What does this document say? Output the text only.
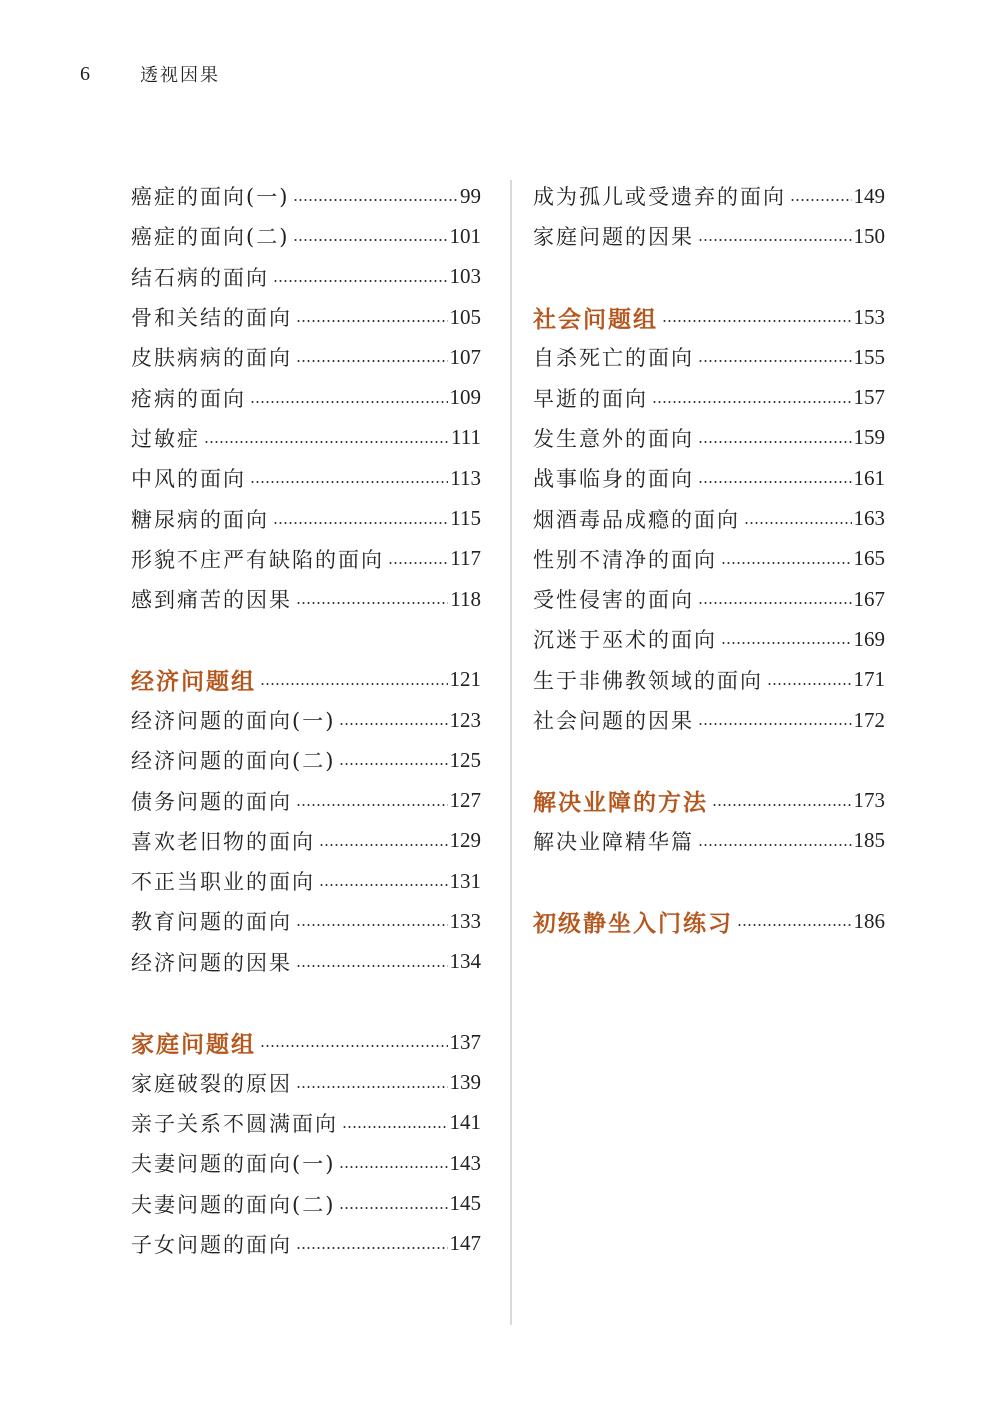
6	透视因果
癌症的面向(一)	99
癌症的面向(二)	101
结石病的面向	103
骨和关结的面向	105
皮肤病病的面向	107
疮病的面向	109
过敏症	111
中风的面向	113
糖尿病的面向	115
形貌不庄严有缺陷的面向	117
感到痛苦的因果	118
经济问题组	121
经济问题的面向(一)	123
经济问题的面向(二)	125
债务问题的面向	127
喜欢老旧物的面向	129
不正当职业的面向	131
教育问题的面向	133
经济问题的因果	134
家庭问题组	137
家庭破裂的原因	139
亲子关系不圆满面向	141
夫妻问题的面向(一)	143
夫妻问题的面向(二)	145
子女问题的面向	147
成为孤儿或受遗弃的面向	149
家庭问题的因果	150
社会问题组	153
自杀死亡的面向	155
早逝的面向	157
发生意外的面向	159
战事临身的面向	161
烟酒毒品成瘾的面向	163
性别不清净的面向	165
受性侵害的面向	167
沉迷于巫术的面向	169
生于非佛教领域的面向	171
社会问题的因果	172
解决业障的方法	173
解决业障精华篇	185
初级静坐入门练习	186
